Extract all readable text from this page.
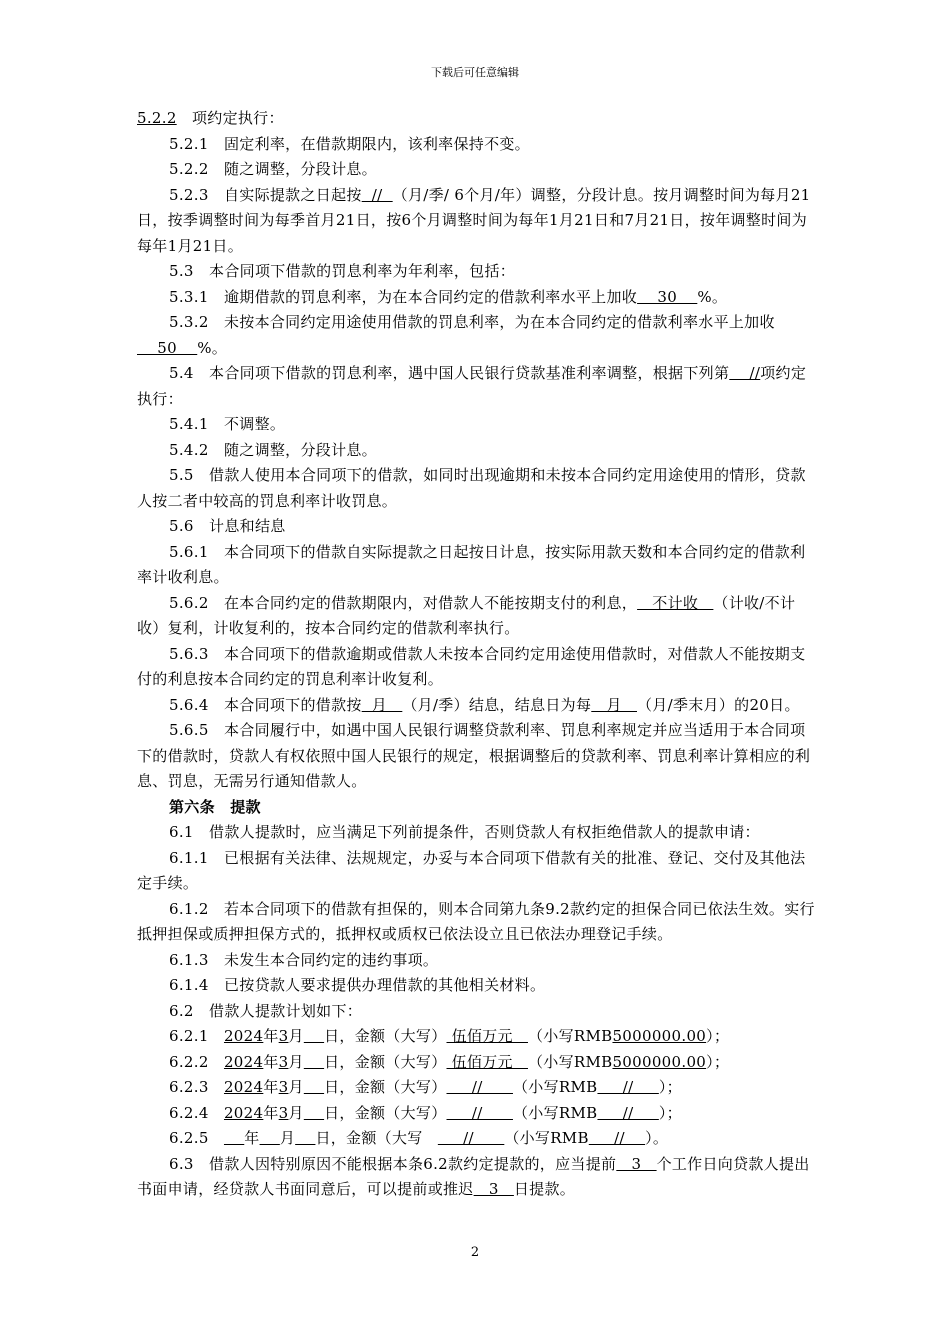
下载后可任意编辑

5.2.2　项约定执行：

5.2.1　固定利率，在借款期限内，该利率保持不变。

5.2.2　随之调整，分段计息。

5.2.3　自实际提款之日起按  //  （月/季/ 6个月/年）调整，分段计息。按月调整时间为每月21日，按季调整时间为每季首月21日，按6个月调整时间为每年1月21日和7月21日，按年调整时间为每年1月21日。

5.3　本合同项下借款的罚息利率为年利率，包括：

5.3.1　逾期借款的罚息利率，为在本合同约定的借款利率水平上加收    30    %。

5.3.2　未按本合同约定用途使用借款的罚息利率，为在本合同约定的借款利率水平上加收    50    %。

5.4　本合同项下借款的罚息利率，遇中国人民银行贷款基准利率调整，根据下列第    //项约定执行：

5.4.1　不调整。

5.4.2　随之调整，分段计息。

5.5　借款人使用本合同项下的借款，如同时出现逾期和未按本合同约定用途使用的情形，贷款人按二者中较高的罚息利率计收罚息。

5.6　计息和结息

5.6.1　本合同项下的借款自实际提款之日起按日计息，按实际用款天数和本合同约定的借款利率计收利息。

5.6.2　在本合同约定的借款期限内，对借款人不能按期支付的利息，   不计收   （计收/不计收）复利，计收复利的，按本合同约定的借款利率执行。

5.6.3　本合同项下的借款逾期或借款人未按本合同约定用途使用借款时，对借款人不能按期支付的利息按本合同约定的罚息利率计收复利。

5.6.4　本合同项下的借款按  月   （月/季）结息，结息日为每   月   （月/季末月）的20日。

5.6.5　本合同履行中，如遇中国人民银行调整贷款利率、罚息利率规定并应当适用于本合同项下的借款时，贷款人有权依照中国人民银行的规定，根据调整后的贷款利率、罚息利率计算相应的利息、罚息，无需另行通知借款人。

第六条　提款

6.1　借款人提款时，应当满足下列前提条件，否则贷款人有权拒绝借款人的提款申请：

6.1.1　已根据有关法律、法规规定，办妥与本合同项下借款有关的批准、登记、交付及其他法定手续。

6.1.2　若本合同项下的借款有担保的，则本合同第九条9.2款约定的担保合同已依法生效。实行抵押担保或质押担保方式的，抵押权或质权已依法设立且已依法办理登记手续。

6.1.3　未发生本合同约定的违约事项。

6.1.4　已按贷款人要求提供办理借款的其他相关材料。

6.2　借款人提款计划如下：

6.2.1　2024年3月 日，金额（大写） 伍佰万元   （小写RMB5000000.00）；

6.2.2　2024年3月 日，金额（大写） 伍佰万元   （小写RMB5000000.00）；

6.2.3　2024年3月 日，金额（大写）     //      （小写RMB     //     ）；

6.2.4　2024年3月 日，金额（大写）     //      （小写RMB     //     ）；

6.2.5　    年 月 日，金额（大写　     //      （小写RMB     //    ）。

6.3　借款人因特别原因不能根据本条6.2款约定提款的，应当提前   3   个工作日向贷款人提出书面申请，经贷款人书面同意后，可以提前或推迟   3   日提款。

2
